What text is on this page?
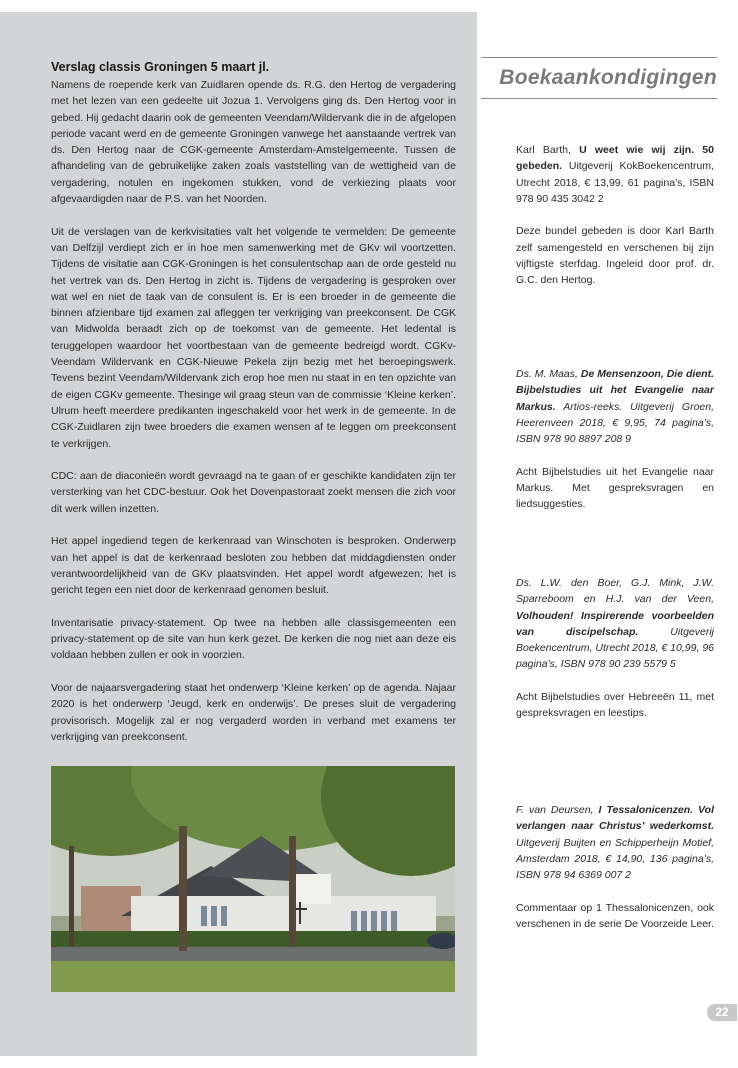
Verslag classis Groningen 5 maart jl.

Namens de roepende kerk van Zuidlaren opende ds. R.G. den Hertog de vergadering met het lezen van een gedeelte uit Jozua 1. Vervolgens ging ds. Den Hertog voor in gebed. Hij gedacht daarin ook de gemeenten Veendam/Wildervank die in de afgelopen periode vacant werd en de gemeente Groningen vanwege het aanstaande vertrek van ds. Den Hertog naar de CGK-gemeente Amsterdam-Amstelgemeente. Tussen de afhandeling van de gebruikelijke zaken zoals vaststelling van de wettigheid van de vergadering, notulen en ingekomen stukken, vond de verkiezing plaats voor afgevaardigden naar de P.S. van het Noorden.

Uit de verslagen van de kerkvisitaties valt het volgende te vermelden: De gemeente van Delfzijl verdiept zich er in hoe men samenwerking met de GKv wil voortzetten. Tijdens de visitatie aan CGK-Groningen is het consulentschap aan de orde gesteld nu het vertrek van ds. Den Hertog in zicht is. Tijdens de vergadering is gesproken over wat wel en niet de taak van de consulent is. Er is een broeder in de gemeente die binnen afzienbare tijd examen zal afleggen ter verkrijging van preekconsent. De CGK van Midwolda beraadt zich op de toekomst van de gemeente. Het ledental is teruggelopen waardoor het voortbestaan van de gemeente bedreigd wordt. CGKv-Veendam Wildervank en CGK-Nieuwe Pekela zijn bezig met het beroepingswerk. Tevens bezint Veendam/Wildervank zich erop hoe men nu staat in en ten opzichte van de eigen CGKv gemeente. Thesinge wil graag steun van de commissie ‘Kleine kerken’. Ulrum heeft meerdere predikanten ingeschakeld voor het werk in de gemeente. In de CGK-Zuidlaren zijn twee broeders die examen wensen af te leggen om preekconsent te verkrijgen.

CDC: aan de diaconieën wordt gevraagd na te gaan of er geschikte kandidaten zijn ter versterking van het CDC-bestuur. Ook het Dovenpastoraat zoekt mensen die zich voor dit werk willen inzetten.

Het appel ingediend tegen de kerkenraad van Winschoten is besproken. Onderwerp van het appel is dat de kerkenraad besloten zou hebben dat middagdiensten onder verantwoordelijkheid van de GKv plaatsvinden. Het appel wordt afgewezen; het is gericht tegen een niet door de kerkenraad genomen besluit.

Inventarisatie privacy-statement. Op twee na hebben alle classisgemeenten een privacy-statement op de site van hun kerk gezet. De kerken die nog niet aan deze eis voldaan hebben zullen er ook in voorzien.

Voor de najaarsvergadering staat het onderwerp ‘Kleine kerken’ op de agenda. Najaar 2020 is het onderwerp ‘Jeugd, kerk en onderwijs’. De preses sluit de vergadering provisorisch. Mogelijk zal er nog vergaderd worden in verband met examens ter verkrijging van preekconsent.

Boekaankondigingen

Karl Barth, U weet wie wij zijn. 50 gebeden. Uitgeverij KokBoekencentrum, Utrecht 2018, € 13,99, 61 pagina’s, ISBN 978 90 435 3042 2

Deze bundel gebeden is door Karl Barth zelf samengesteld en verschenen bij zijn vijftigste sterfdag. Ingeleid door prof. dr. G.C. den Hertog.

Ds. M. Maas, De Mensenzoon, Die dient. Bijbelstudies uit het Evangelie naar Markus. Artios-reeks. Uitgeverij Groen, Heerenveen 2018, € 9,95, 74 pagina’s, ISBN 978 90 8897 208 9

Acht Bijbelstudies uit het Evangelie naar Markus. Met gespreksvragen en liedsuggesties.

Ds. L.W. den Boer, G.J. Mink, J.W. Sparreboom en H.J. van der Veen, Volhouden! Inspirerende voorbeelden van discipelschap. Uitgeverij Boekencentrum, Utrecht 2018, € 10,99, 96 pagina’s, ISBN 978 90 239 5579 5

Acht Bijbelstudies over Hebreeën 11, met gespreksvragen en leestips.

F. van Deursen, I Tessalonicenzen. Vol verlangen naar Christus’ wederkomst. Uitgeverij Buijten en Schipperheijn Motief, Amsterdam 2018, € 14,90, 136 pagina’s, ISBN 978 94 6369 007 2

Commentaar op 1 Thessalonicenzen, ook verschenen in de serie De Voorzeide Leer.

22
